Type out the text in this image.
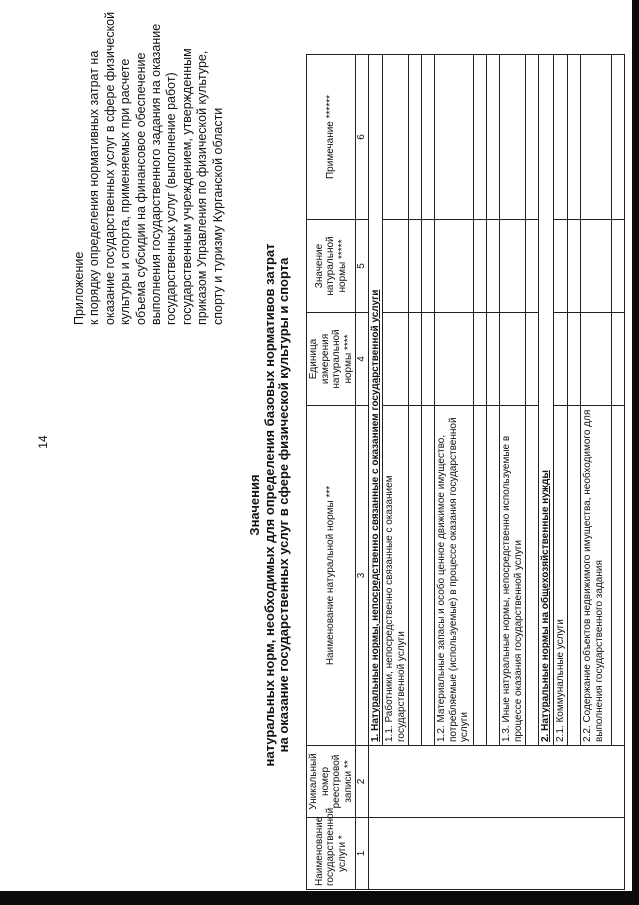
14
Приложение к порядку определения нормативных затрат на оказание государственных услуг в сфере физической культуры и спорта, применяемых при расчете объема субсидии на финансовое обеспечение выполнения государственного задания на оказание государственных услуг (выполнение работ) государственным учреждением, утвержденным приказом Управления по физической культуре, спорту и туризму Курганской области
Значения натуральных норм, необходимых для определения базовых нормативов затрат на оказание государственных услуг в сфере физической культуры и спорта
Наименование государственной услуги *	Уникальный номер реестровой записи **	Наименование натуральной нормы ***	Единица измерения натуральной нормы ****	Значение натуральной нормы *****	Примечание ******
1	2	3	4	5	6
		1. Натуральные нормы, непосредственно связанные с оказанием государственной услуги			
		1.1. Работники, непосредственно связанные с оказанием государственной услуги			

		1.2. Материальные запасы и особо ценное движимое имущество, потребляемые (используемые) в процессе оказания государственной услуги			

		1.3. Иные натуральные нормы, непосредственно используемые в процессе оказания государственной услуги			

		2. Натуральные нормы на общехозяйственные нужды			
		2.1. Коммунальные услуги			

		2.2. Содержание объектов недвижимого имущества, необходимого для выполнения государственного задания			
